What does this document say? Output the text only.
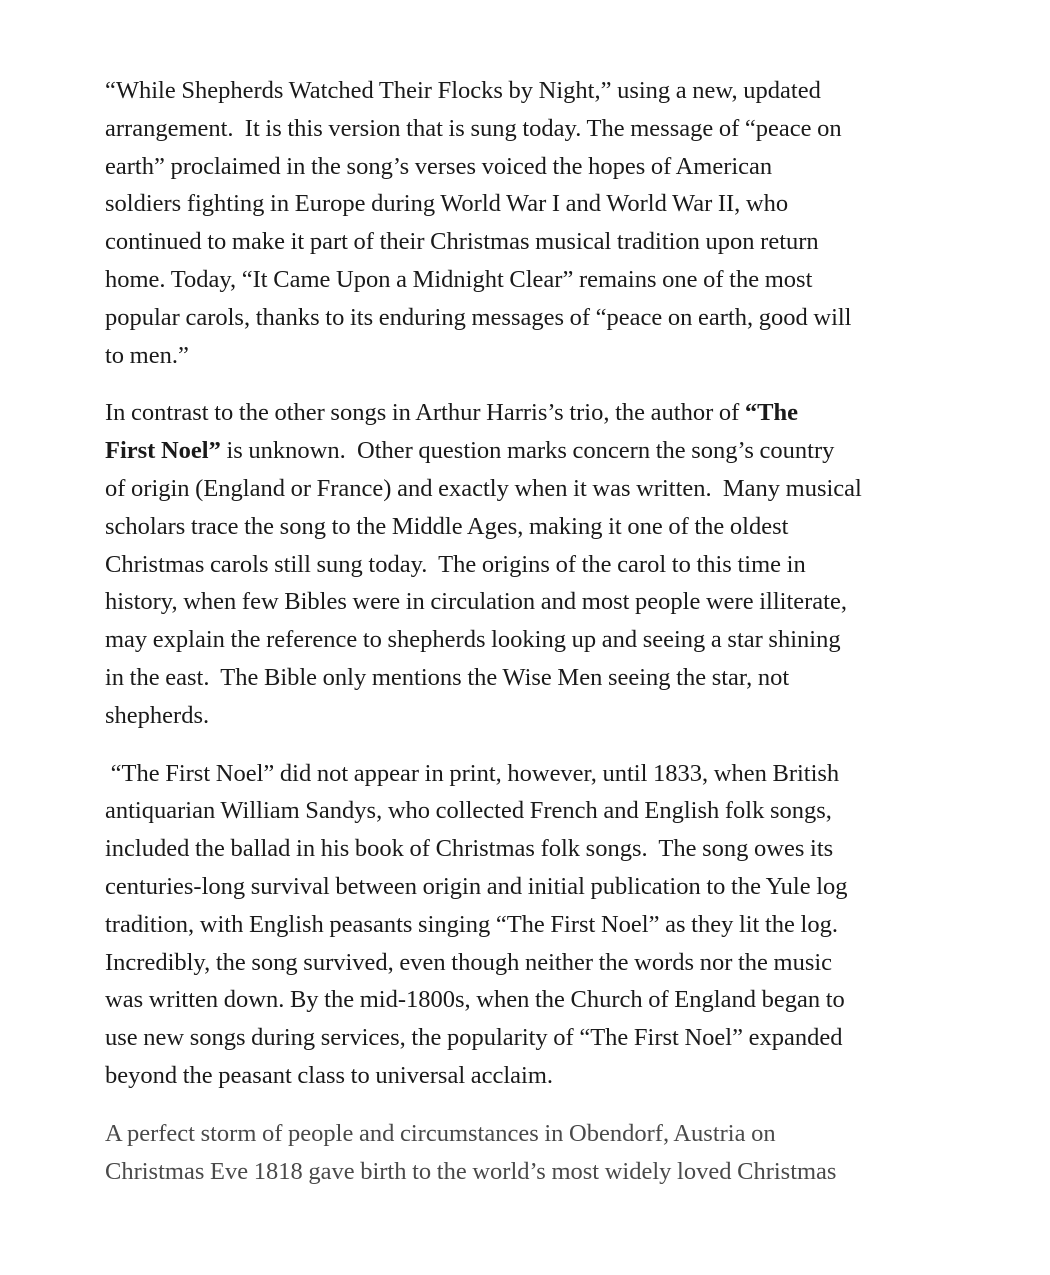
“While Shepherds Watched Their Flocks by Night,” using a new, updated
arrangement.  It is this version that is sung today. The message of “peace on
earth” proclaimed in the song’s verses voiced the hopes of American
soldiers fighting in Europe during World War I and World War II, who
continued to make it part of their Christmas musical tradition upon return
home. Today, “It Came Upon a Midnight Clear” remains one of the most
popular carols, thanks to its enduring messages of “peace on earth, good will
to men.”

In contrast to the other songs in Arthur Harris’s trio, the author of “The
First Noel” is unknown.  Other question marks concern the song’s country
of origin (England or France) and exactly when it was written.  Many musical
scholars trace the song to the Middle Ages, making it one of the oldest
Christmas carols still sung today.  The origins of the carol to this time in
history, when few Bibles were in circulation and most people were illiterate,
may explain the reference to shepherds looking up and seeing a star shining
in the east.  The Bible only mentions the Wise Men seeing the star, not
shepherds.

“The First Noel” did not appear in print, however, until 1833, when British
antiquarian William Sandys, who collected French and English folk songs,
included the ballad in his book of Christmas folk songs.  The song owes its
centuries-long survival between origin and initial publication to the Yule log
tradition, with English peasants singing “The First Noel” as they lit the log.
Incredibly, the song survived, even though neither the words nor the music
was written down. By the mid-1800s, when the Church of England began to
use new songs during services, the popularity of “The First Noel” expanded
beyond the peasant class to universal acclaim.

A perfect storm of people and circumstances in Obendorf, Austria on
Christmas Eve 1818 gave birth to the world’s most widely loved Christmas
